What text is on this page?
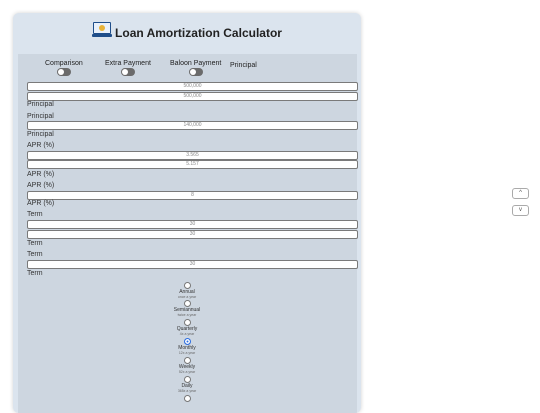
Loan Amortization Calculator
Comparison	Extra Payment	Baloon Payment Principal
500,000
500,000
Principal
Principal
140,000
Principal
APR (%)
3.565
5.157
APR (%)
APR (%)
8
APR (%)
Term
30
30
Term
Term
30
Term
Annual
once a year
Semiannual
twice a year
Quarterly
4x a year
Monthly
12x a year
Weekly
52x a year
Daily
365x a year
^
v
